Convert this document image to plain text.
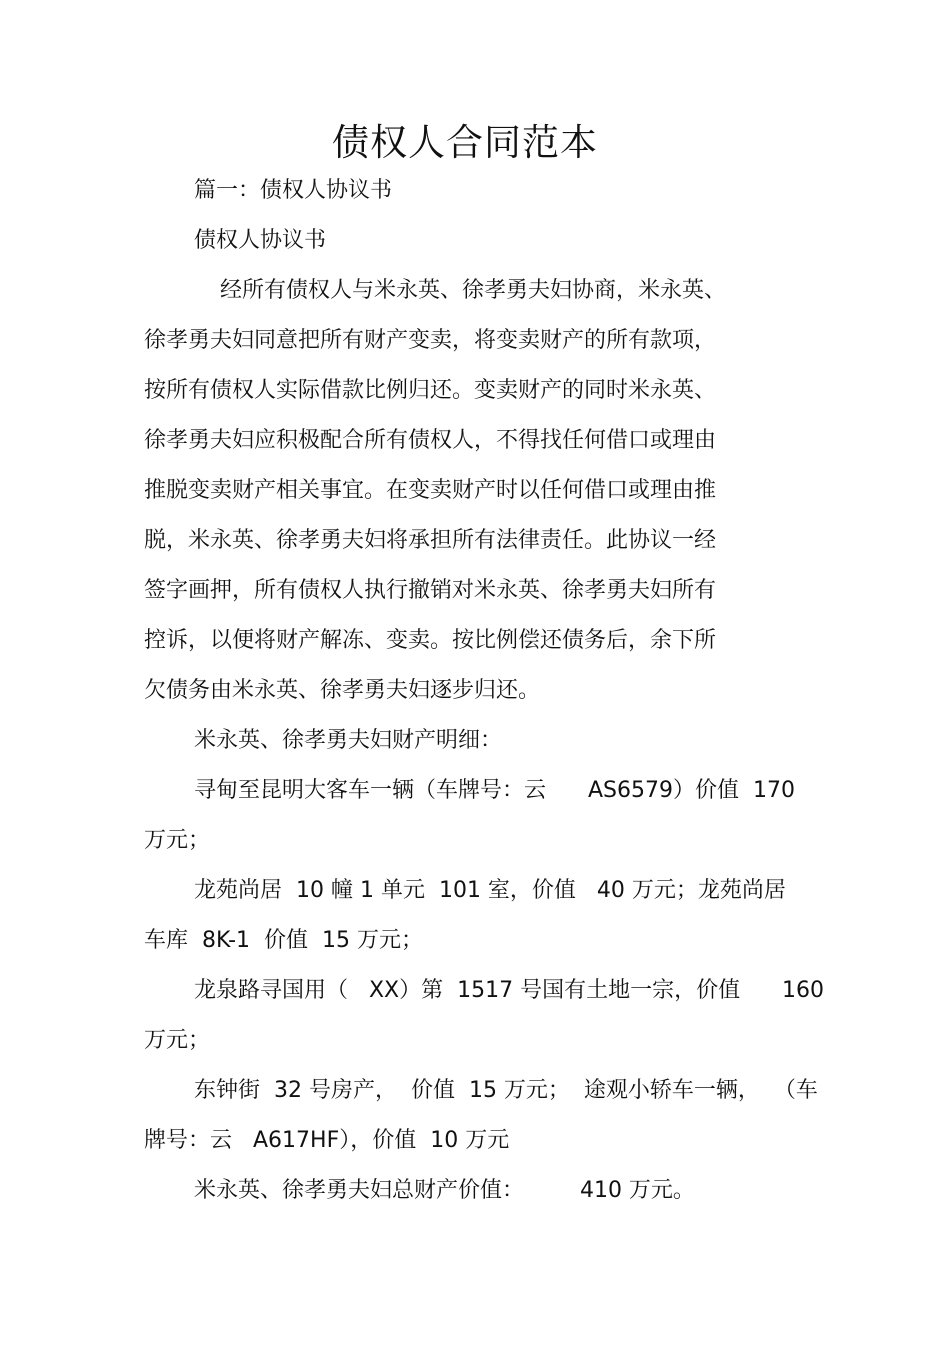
债权人合同范本

篇一：债权人协议书

债权人协议书

经所有债权人与米永英、徐孝勇夫妇协商，米永英、

徐孝勇夫妇同意把所有财产变卖，将变卖财产的所有款项，

按所有债权人实际借款比例归还。变卖财产的同时米永英、

徐孝勇夫妇应积极配合所有债权人，不得找任何借口或理由

推脱变卖财产相关事宜。在变卖财产时以任何借口或理由推

脱，米永英、徐孝勇夫妇将承担所有法律责任。此协议一经

签字画押，所有债权人执行撤销对米永英、徐孝勇夫妇所有

控诉，以便将财产解冻、变卖。按比例偿还债务后，余下所

欠债务由米永英、徐孝勇夫妇逐步归还。

米永英、徐孝勇夫妇财产明细：

寻甸至昆明大客车一辆（车牌号：云      AS6579）价值  170

万元；

龙苑尚居  10 幢 1 单元  101 室，价值   40 万元；龙苑尚居

车库  8K-1  价值  15 万元；

龙泉路寻国用（   XX）第  1517 号国有土地一宗，价值      160

万元；

东钟街  32 号房产，  价值  15 万元；  途观小轿车一辆，  （车

牌号：云   A617HF），价值  10 万元

米永英、徐孝勇夫妇总财产价值：        410 万元。
